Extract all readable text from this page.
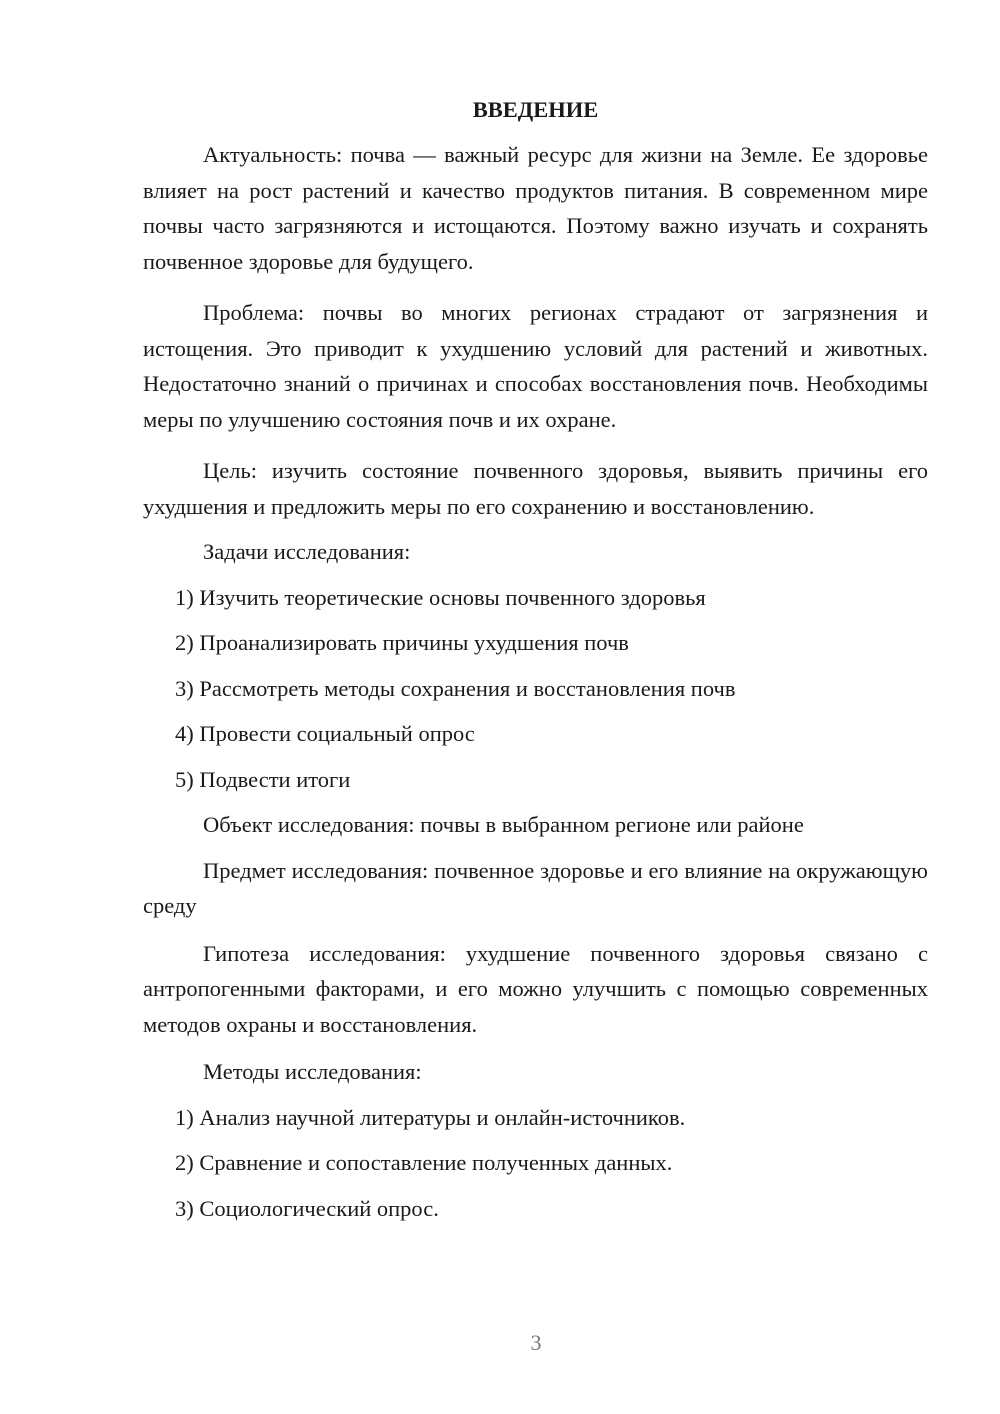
ВВЕДЕНИЕ

Актуальность: почва — важный ресурс для жизни на Земле. Ее здоровье влияет на рост растений и качество продуктов питания. В современном мире почвы часто загрязняются и истощаются. Поэтому важно изучать и сохранять почвенное здоровье для будущего.

Проблема: почвы во многих регионах страдают от загрязнения и истощения. Это приводит к ухудшению условий для растений и животных. Недостаточно знаний о причинах и способах восстановления почв. Необходимы меры по улучшению состояния почв и их охране.

Цель: изучить состояние почвенного здоровья, выявить причины его ухудшения и предложить меры по его сохранению и восстановлению.

Задачи исследования:

1) Изучить теоретические основы почвенного здоровья
2) Проанализировать причины ухудшения почв
3) Рассмотреть методы сохранения и восстановления почв
4) Провести социальный опрос
5) Подвести итоги

Объект исследования: почвы в выбранном регионе или районе

Предмет исследования: почвенное здоровье и его влияние на окружающую среду

Гипотеза исследования: ухудшение почвенного здоровья связано с антропогенными факторами, и его можно улучшить с помощью современных методов охраны и восстановления.

Методы исследования:

1) Анализ научной литературы и онлайн-источников.
2) Сравнение и сопоставление полученных данных.
3) Социологический опрос.
3
